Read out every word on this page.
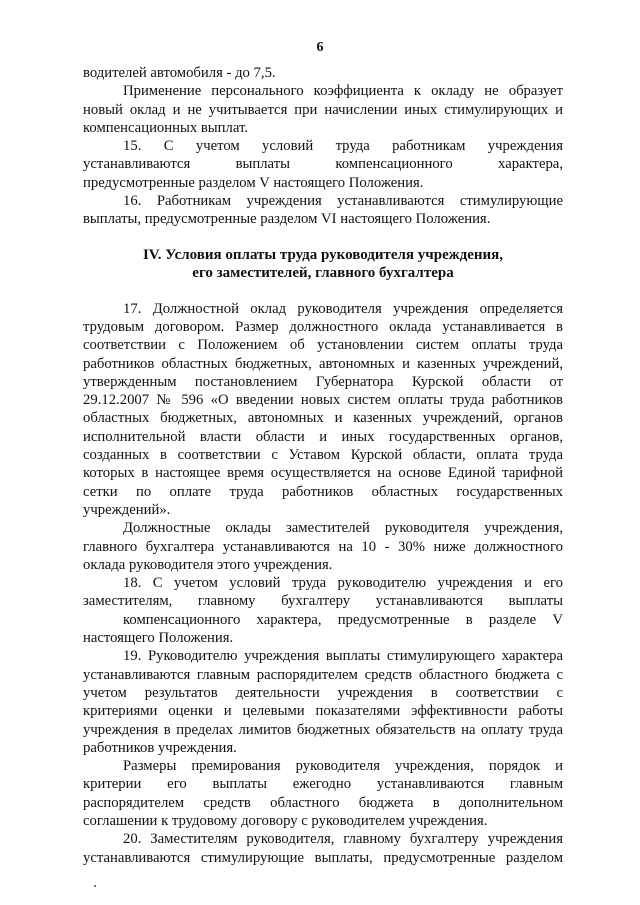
6
водителей автомобиля - до 7,5.
Применение персонального коэффициента к окладу не образует
новый оклад и не учитывается при начислении иных стимулирующих и
компенсационных выплат.
15. С учетом условий труда работникам учреждения
устанавливаются выплаты компенсационного характера,
предусмотренные разделом V настоящего Положения.
16. Работникам учреждения устанавливаются стимулирующие
выплаты, предусмотренные разделом VI настоящего Положения.
IV. Условия оплаты труда руководителя учреждения,
его заместителей, главного бухгалтера
17. Должностной оклад руководителя учреждения определяется
трудовым договором. Размер должностного оклада устанавливается в
соответствии с Положением об установлении систем оплаты труда
работников областных бюджетных, автономных и казенных учреждений,
утвержденным постановлением Губернатора Курской области от
29.12.2007 № 596 «О введении новых систем оплаты труда работников
областных бюджетных, автономных и казенных учреждений, органов
исполнительной власти области и иных государственных органов,
созданных в соответствии с Уставом Курской области, оплата труда
которых в настоящее время осуществляется на основе Единой тарифной
сетки по оплате труда работников областных государственных
учреждений».
Должностные оклады заместителей руководителя учреждения,
главного бухгалтера устанавливаются на 10 - 30% ниже должностного
оклада руководителя этого учреждения.
18. С учетом условий труда руководителю учреждения и его
заместителям, главному бухгалтеру устанавливаются выплаты
компенсационного характера, предусмотренные в разделе V
настоящего Положения.
19. Руководителю учреждения выплаты стимулирующего характера
устанавливаются главным распорядителем средств областного бюджета с
учетом результатов деятельности учреждения в соответствии с
критериями оценки и целевыми показателями эффективности работы
учреждения в пределах лимитов бюджетных обязательств на оплату труда
работников учреждения.
Размеры премирования руководителя учреждения, порядок и
критерии его выплаты ежегодно устанавливаются главным
распорядителем средств областного бюджета в дополнительном
соглашении к трудовому договору с руководителем учреждения.
20. Заместителям руководителя, главному бухгалтеру учреждения
устанавливаются стимулирующие выплаты, предусмотренные разделом
